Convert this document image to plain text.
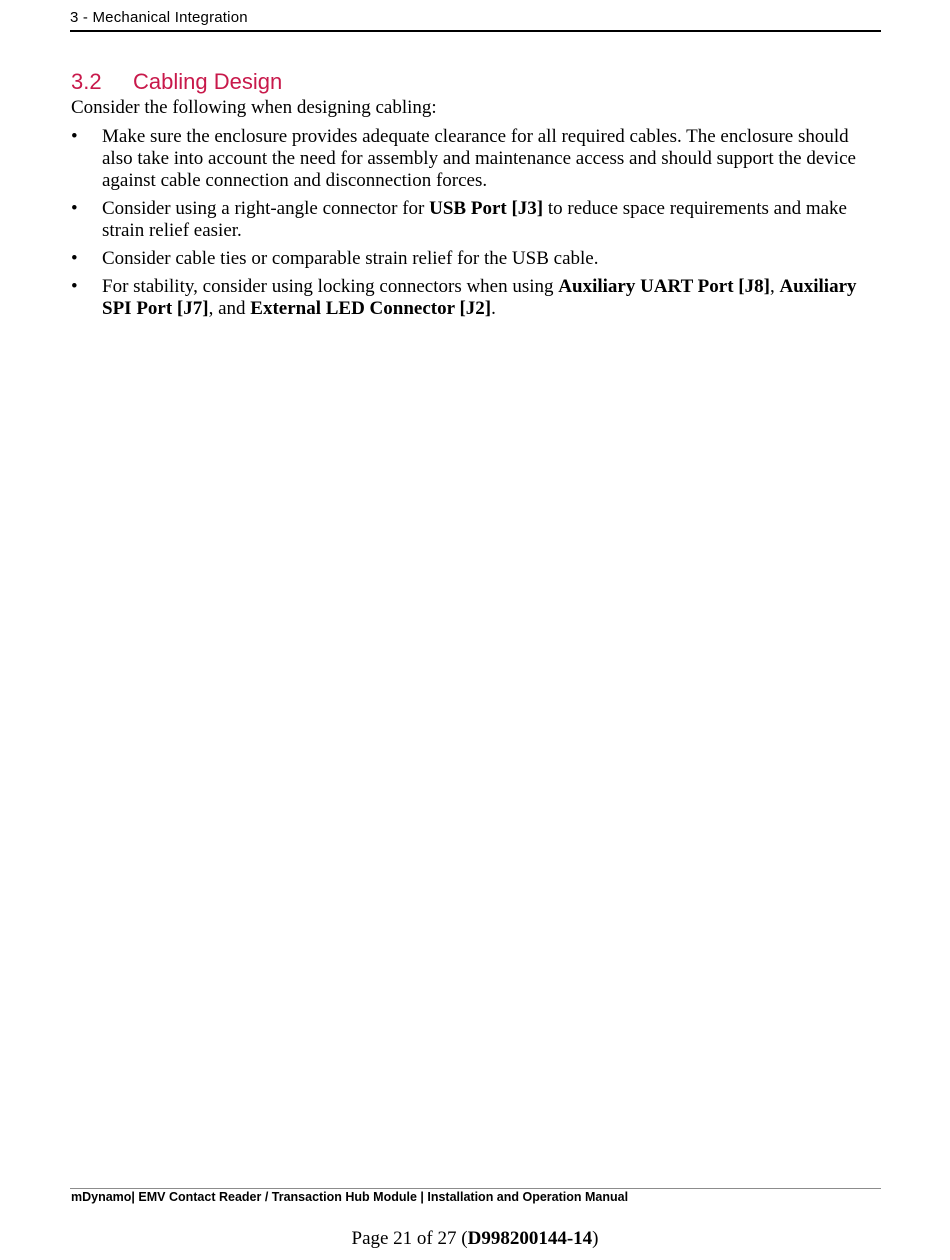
3 - Mechanical Integration
3.2 Cabling Design

Consider the following when designing cabling:

•	Make sure the enclosure provides adequate clearance for all required cables. The enclosure should also take into account the need for assembly and maintenance access and should support the device against cable connection and disconnection forces.
•	Consider using a right-angle connector for USB Port [J3] to reduce space requirements and make strain relief easier.
•	Consider cable ties or comparable strain relief for the USB cable.
•	For stability, consider using locking connectors when using Auxiliary UART Port [J8], Auxiliary SPI Port [J7], and External LED Connector [J2].
mDynamo| EMV Contact Reader / Transaction Hub Module | Installation and Operation Manual
Page 21 of 27 (D998200144-14)
